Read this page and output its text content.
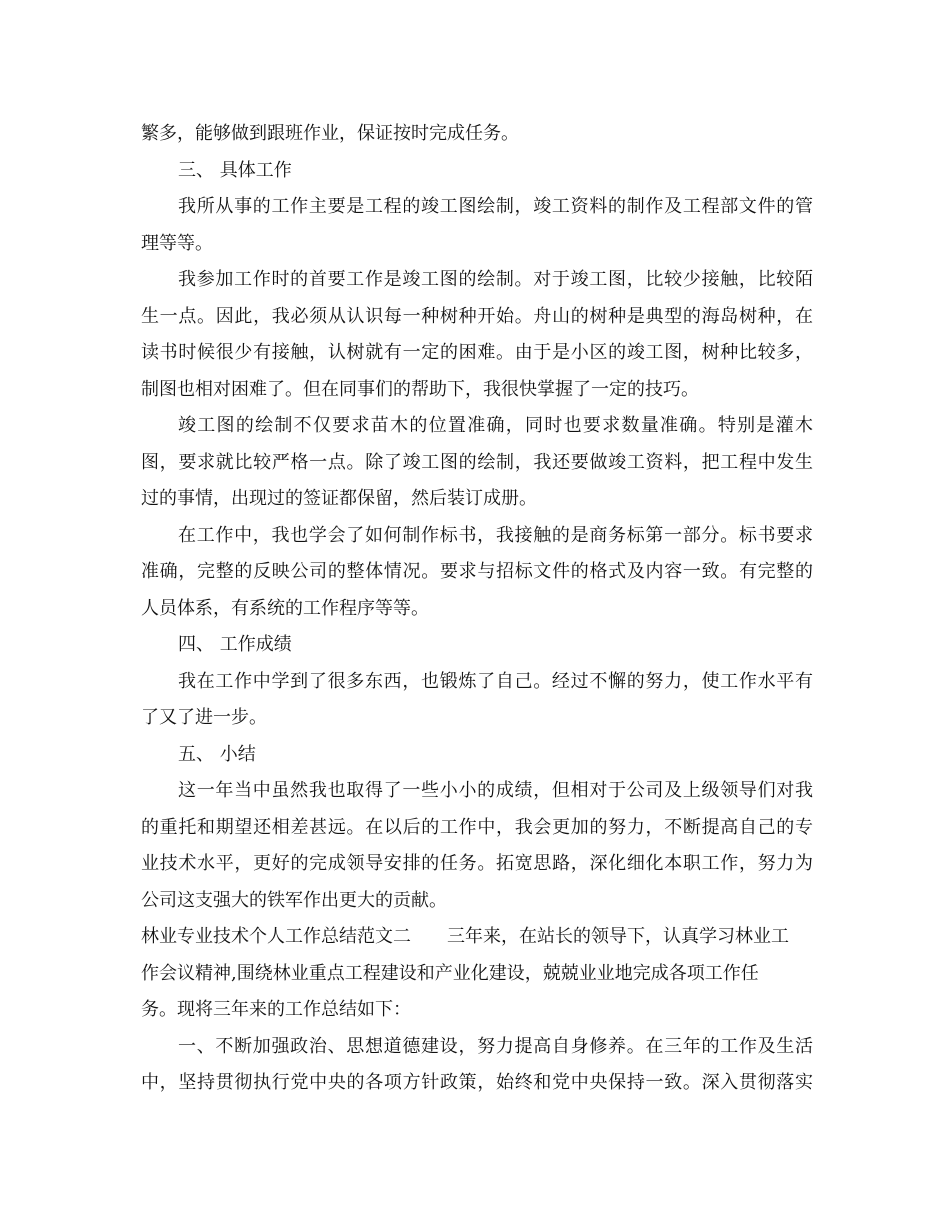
繁多，能够做到跟班作业，保证按时完成任务。
三、 具体工作
我所从事的工作主要是工程的竣工图绘制，竣工资料的制作及工程部文件的管
理等等。
我参加工作时的首要工作是竣工图的绘制。对于竣工图，比较少接触，比较陌
生一点。因此，我必须从认识每一种树种开始。舟山的树种是典型的海岛树种，在
读书时候很少有接触，认树就有一定的困难。由于是小区的竣工图，树种比较多，
制图也相对困难了。但在同事们的帮助下，我很快掌握了一定的技巧。
竣工图的绘制不仅要求苗木的位置准确，同时也要求数量准确。特别是灌木
图，要求就比较严格一点。除了竣工图的绘制，我还要做竣工资料，把工程中发生
过的事情，出现过的签证都保留，然后装订成册。
在工作中，我也学会了如何制作标书，我接触的是商务标第一部分。标书要求
准确，完整的反映公司的整体情况。要求与招标文件的格式及内容一致。有完整的
人员体系，有系统的工作程序等等。
四、 工作成绩
我在工作中学到了很多东西，也锻炼了自己。经过不懈的努力，使工作水平有
了又了进一步。
五、 小结
这一年当中虽然我也取得了一些小小的成绩，但相对于公司及上级领导们对我
的重托和期望还相差甚远。在以后的工作中，我会更加的努力，不断提高自己的专
业技术水平，更好的完成领导安排的任务。拓宽思路，深化细化本职工作，努力为
公司这支强大的铁军作出更大的贡献。
林业专业技术个人工作总结范文二　　三年来，在站长的领导下，认真学习林业工
作会议精神,围绕林业重点工程建设和产业化建设，兢兢业业地完成各项工作任
务。现将三年来的工作总结如下：
一、不断加强政治、思想道德建设，努力提高自身修养。在三年的工作及生活
中，坚持贯彻执行党中央的各项方针政策，始终和党中央保持一致。深入贯彻落实
